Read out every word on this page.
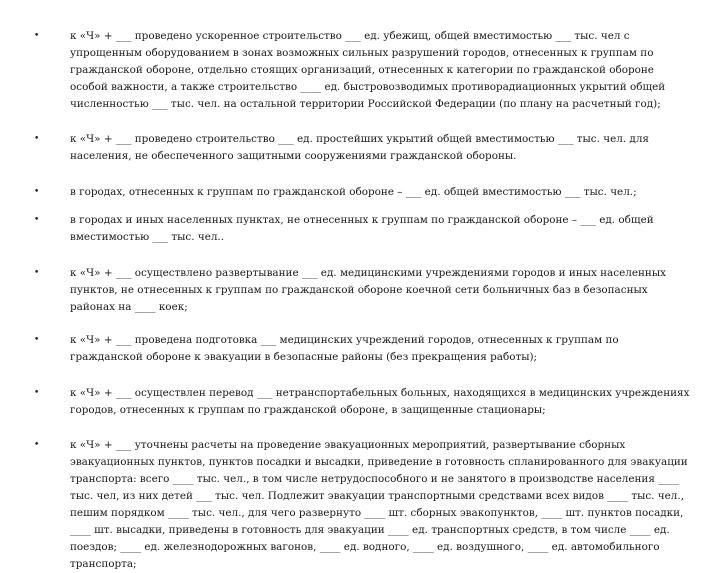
•	к «Ч» + ___ проведено ускоренное строительство ___ ед. убежищ, общей вместимостью ___ тыс. чел с упрощенным оборудованием в зонах возможных сильных разрушений городов, отнесенных к группам по гражданской обороне, отдельно стоящих организаций, отнесенных к категории по гражданской обороне особой важности, а также строительство ____ ед. быстровозводимых противорадиационных укрытий общей численностью ___ тыс. чел. на остальной территории Российской Федерации (по плану на расчетный год);
•	к «Ч» + ___ проведено строительство ___ ед. простейших укрытий общей вместимостью ___ тыс. чел. для населения, не обеспеченного защитными сооружениями гражданской обороны.
•	в городах, отнесенных к группам по гражданской обороне – ___ ед. общей вместимостью ___ тыс. чел.;
•	в городах и иных населенных пунктах, не отнесенных к группам по гражданской обороне – ___ ед. общей вместимостью ___ тыс. чел..
•	к «Ч» + ___ осуществлено развертывание ___ ед. медицинскими учреждениями городов и иных населенных пунктов, не отнесенных к группам по гражданской обороне коечной сети больничных баз в безопасных районах на ____ коек;
•	к «Ч» + ___ проведена подготовка ___ медицинских учреждений городов, отнесенных к группам по гражданской обороне к эвакуации в безопасные районы (без прекращения работы);
•	к «Ч» + ___ осуществлен перевод ___ нетранспортабельных больных, находящихся в медицинских учреждениях городов, отнесенных к группам по гражданской обороне, в защищенные стационары;
•	к «Ч» + ___ уточнены расчеты на проведение эвакуационных мероприятий, развертывание сборных эвакуационных пунктов, пунктов посадки и высадки, приведение в готовность спланированного для эвакуации транспорта: всего ____ тыс. чел., в том числе нетрудоспособного и не занятого в производстве населения ____ тыс. чел, из них детей ___ тыс. чел. Подлежит эвакуации транспортными средствами всех видов ____ тыс. чел., пешим порядком ____ тыс. чел., для чего развернуто ____ шт. сборных эвакопунктов, ____ шт. пунктов посадки, ____ шт. высадки, приведены в готовность для эвакуации ____ ед. транспортных средств, в том числе ____ ед. поездов; ____ ед. железнодорожных вагонов, ____ ед. водного, ____ ед. воздушного, ____ ед. автомобильного транспорта;
